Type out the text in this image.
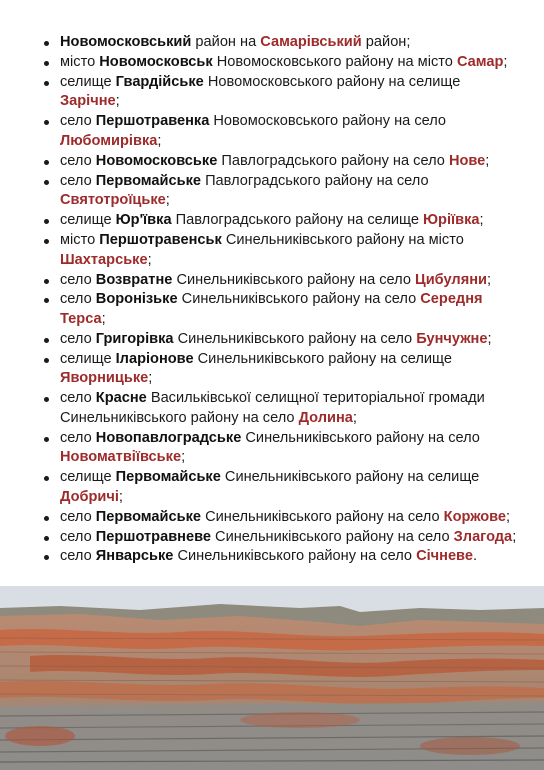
Новомосковський район на Самарівський район;
місто Новомосковськ Новомосковського району на місто Самар;
селище Гвардійське Новомосковського району на селище Зарічне;
село Першотравенка Новомосковського району на село Любомирівка;
село Новомосковське Павлоградського району на село Нове;
село Первомайське Павлоградського району на село Святотроїцьке;
селище Юр'ївка Павлоградського району на селище Юріївка;
місто Першотравенськ Синельниківського району на місто Шахтарське;
село Возвратне Синельниківського району на село Цибуляни;
село Воронізьке Синельниківського району на село Середня Терса;
село Григорівка Синельниківського району на село Бунчужне;
селище Іларіонове Синельниківського району на селище Яворницьке;
село Красне Васильківської селищної територіальної громади Синельниківського району на село Долина;
село Новопавлоградське Синельниківського району на село Новоматвіївське;
селище Первомайське Синельниківського району на селище Добричі;
село Первомайське Синельниківського району на село Коржове;
село Першотравневе Синельниківського району на село Злагода;
село Январське Синельниківського району на село Січневе.
